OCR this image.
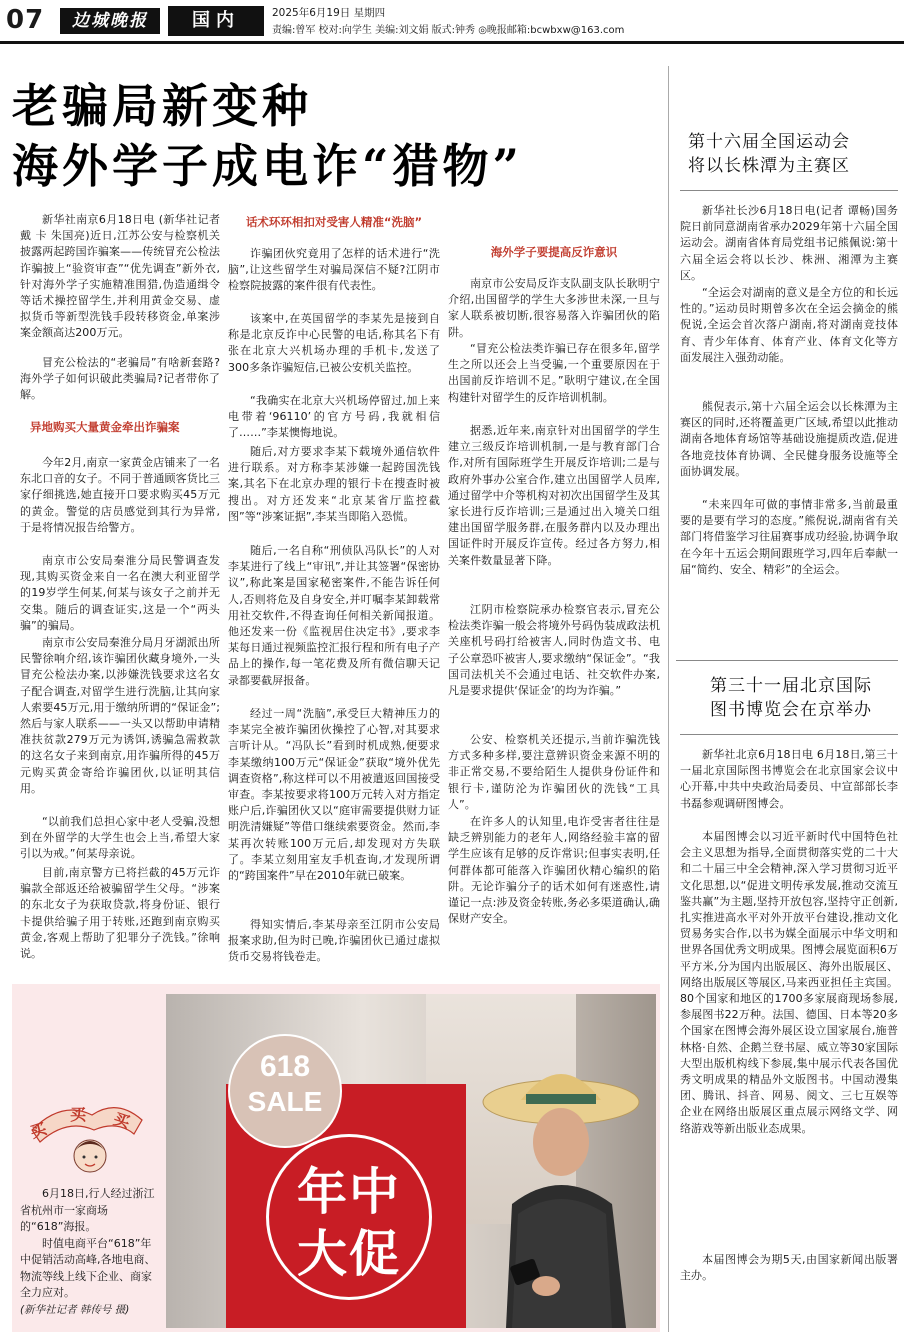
07	边城晚报	国内	2025年6月19日 星期四
责编:曾军 校对:向学生 美编:刘文娟 版式:钟秀 ◎晚报邮箱:bcwbxw@163.com
老骗局新变种
海外学子成电诈“猎物”

新华社南京6月18日电 (新华社记者 戴 卡 朱国亮)近日,江苏公安与检察机关披露两起跨国诈骗案——传统冒充公检法诈骗披上“验资审查”“优先调查”新外衣,针对海外学子实施精准围猎,伪造通缉令等话术操控留学生,并利用黄金交易、虚拟货币等新型洗钱手段转移资金,单案涉案金额高达200万元。

冒充公检法的“老骗局”有啥新套路?海外学子如何识破此类骗局?记者带你了解。

异地购买大量黄金牵出诈骗案

今年2月,南京一家黄金店铺来了一名东北口音的女子。不同于普通顾客货比三家仔细挑选,她直接开口要求购买45万元的黄金。警觉的店员感觉到其行为异常,于是将情况报告给警方。

南京市公安局秦淮分局民警调查发现,其购买资金来自一名在澳大利亚留学的19岁学生何某,何某与该女子之前并无交集。随后的调查证实,这是一个“两头骗”的骗局。

南京市公安局秦淮分局月牙湖派出所民警徐响介绍,该诈骗团伙藏身境外,一头冒充公检法办案,以涉嫌洗钱要求这名女子配合调查,对留学生进行洗脑,让其向家人索要45万元,用于缴纳所谓的“保证金”;然后与家人联系——一头又以帮助申请精准扶贫款279万元为诱饵,诱骗急需救款的这名女子来到南京,用诈骗所得的45万元购买黄金寄给诈骗团伙,以证明其信用。

“以前我们总担心家中老人受骗,没想到在外留学的大学生也会上当,希望大家引以为戒。”何某母亲说。

目前,南京警方已将拦截的45万元诈骗款全部返还给被骗留学生父母。“涉案的东北女子为获取贷款,将身份证、银行卡提供给骗子用于转账,还跑到南京购买黄金,客观上帮助了犯罪分子洗钱。”徐响说。

话术环环相扣对受害人精准“洗脑”

诈骗团伙究竟用了怎样的话术进行“洗脑”,让这些留学生对骗局深信不疑?江阴市检察院披露的案件很有代表性。

该案中,在英国留学的李某先是接到自称是北京反诈中心民警的电话,称其名下有张在北京大兴机场办理的手机卡,发送了300多条诈骗短信,已被公安机关监控。

“我确实在北京大兴机场停留过,加上来电带着‘96110’的官方号码,我就相信了……”李某懊悔地说。

随后,对方要求李某下载境外通信软件进行联系。对方称李某涉嫌一起跨国洗钱案,其名下在北京办理的银行卡在搜查时被搜出。对方还发来“北京某省厅监控截图”等“涉案证据”,李某当即陷入恐慌。

随后,一名自称“刑侦队冯队长”的人对李某进行了线上“审讯”,并让其签署“保密协议”,称此案是国家秘密案件,不能告诉任何人,否则将危及自身安全,并叮嘱李某卸载常用社交软件,不得查询任何相关新闻报道。他还发来一份《监视居住决定书》,要求李某每日通过视频监控汇报行程和所有电子产品上的操作,每一笔花费及所有微信聊天记录都要截屏报备。

经过一周“洗脑”,承受巨大精神压力的李某完全被诈骗团伙操控了心智,对其要求言听计从。“冯队长”看到时机成熟,便要求李某缴纳100万元“保证金”获取“境外优先调查资格”,称这样可以不用被遣返回国接受审查。李某按要求将100万元转入对方指定账户后,诈骗团伙又以“庭审需要提供财力证明洗清嫌疑”等借口继续索要资金。然而,李某再次转账100万元后,却发现对方失联了。李某立刻用室友手机查询,才发现所谓的“跨国案件”早在2010年就已破案。

得知实情后,李某母亲至江阴市公安局报案求助,但为时已晚,诈骗团伙已通过虚拟货币交易将钱卷走。

海外学子要提高反诈意识

南京市公安局反诈支队副支队长耿明宁介绍,出国留学的学生大多涉世未深,一旦与家人联系被切断,很容易落入诈骗团伙的陷阱。

“冒充公检法类诈骗已存在很多年,留学生之所以还会上当受骗,一个重要原因在于出国前反诈培训不足。”耿明宁建议,在全国构建针对留学生的反诈培训机制。

据悉,近年来,南京针对出国留学的学生建立三级反诈培训机制,一是与教育部门合作,对所有国际班学生开展反诈培训;二是与政府外事办公室合作,建立出国留学人员库,通过留学中介等机构对初次出国留学生及其家长进行反诈培训;三是通过出入境关口组建出国留学服务群,在服务群内以及办理出国证件时开展反诈宣传。经过各方努力,相关案件数量显著下降。

江阴市检察院承办检察官表示,冒充公检法类诈骗一般会将境外号码伪装成政法机关座机号码打给被害人,同时伪造文书、电子公章恐吓被害人,要求缴纳“保证金”。“我国司法机关不会通过电话、社交软件办案,凡是要求提供‘保证金’的均为诈骗。”

公安、检察机关还提示,当前诈骗洗钱方式多种多样,要注意辨识资金来源不明的非正常交易,不要给陌生人提供身份证件和银行卡,谨防沦为诈骗团伙的洗钱“工具人”。

在许多人的认知里,电诈受害者往往是缺乏辨别能力的老年人,网络经验丰富的留学生应该有足够的反诈常识;但事实表明,任何群体都可能落入诈骗团伙精心编织的陷阱。无论诈骗分子的话术如何有迷惑性,请谨记一点:涉及资金转账,务必多渠道确认,确保财产安全。

买
买 买

6月18日,行人经过浙江省杭州市一家商场的“618”海报。

时值电商平台“618”年中促销活动高峰,各地电商、物流等线上线下企业、商家全力应对。

(新华社记者 韩传号 摄)

618
SALE
年中
大促
第十六届全国运动会
将以长株潭为主赛区

新华社长沙6月18日电(记者 谭畅)国务院日前同意湖南省承办2029年第十六届全国运动会。湖南省体育局党组书记熊佩说:第十六届全运会将以长沙、株洲、湘潭为主赛区。

“全运会对湖南的意义是全方位的和长远性的。”运动员时期曾多次在全运会摘金的熊倪说,全运会首次落户湖南,将对湖南竞技体育、青少年体育、体育产业、体育文化等方面发展注入强劲动能。

熊倪表示,第十六届全运会以长株潭为主赛区的同时,还将覆盖更广区域,希望以此推动湖南各地体育场馆等基础设施提质改造,促进各地竞技体育协调、全民健身服务设施等全面协调发展。

“未来四年可做的事情非常多,当前最重要的是要有学习的态度。”熊倪说,湖南省有关部门将借鉴学习往届赛事成功经验,协调争取在今年十五运会期间跟班学习,四年后奉献一届“简约、安全、精彩”的全运会。

第三十一届北京国际
图书博览会在京举办

新华社北京6月18日电 6月18日,第三十一届北京国际图书博览会在北京国家会议中心开幕,中共中央政治局委员、中宣部部长李书磊参观调研图博会。

本届图博会以习近平新时代中国特色社会主义思想为指导,全面贯彻落实党的二十大和二十届三中全会精神,深入学习贯彻习近平文化思想,以“促进文明传承发展,推动交流互鉴共赢”为主题,坚持开放包容,坚持守正创新,扎实推进高水平对外开放平台建设,推动文化贸易务实合作,以书为媒全面展示中华文明和世界各国优秀文明成果。图博会展览面积6万平方米,分为国内出版展区、海外出版展区、网络出版展区等展区,马来西亚担任主宾国。80个国家和地区的1700多家展商现场参展,参展图书22万种。法国、德国、日本等20多个国家在图博会海外展区设立国家展台,施普林格·自然、企鹅兰登书屋、威立等30家国际大型出版机构线下参展,集中展示代表各国优秀文明成果的精品外文版图书。中国动漫集团、腾讯、抖音、网易、阅文、三七互娱等企业在网络出版展区重点展示网络文学、网络游戏等新出版业态成果。

本届图博会为期5天,由国家新闻出版署主办。
